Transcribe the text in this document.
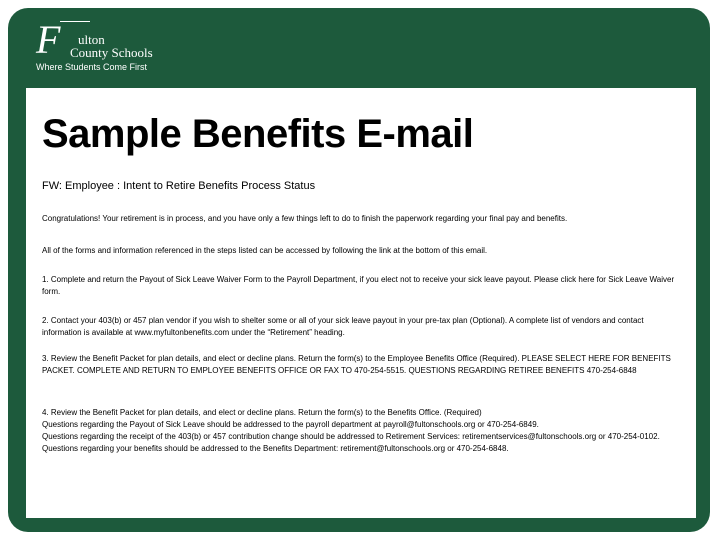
F ulton
County Schools
Where Students Come First
Sample Benefits E-mail
FW: Employee : Intent to Retire Benefits Process Status
Congratulations! Your retirement is in process, and you have only a few things left to do to finish the paperwork regarding your final pay and benefits.
All of the forms and information referenced in the steps listed can be accessed by following the link at the bottom of this email.
1. Complete and return the Payout of Sick Leave Waiver Form to the Payroll Department, if you elect not to receive your sick leave payout. Please click here for Sick Leave Waiver form.
2. Contact your 403(b) or 457 plan vendor if you wish to shelter some or all of your sick leave payout in your pre-tax plan (Optional). A complete list of vendors and contact information is available at www.myfultonbenefits.com under the “Retirement” heading.
3. Review the Benefit Packet for plan details, and elect or decline plans. Return the form(s) to the Employee Benefits Office (Required). PLEASE SELECT HERE FOR BENEFITS PACKET. COMPLETE AND RETURN TO EMPLOYEE BENEFITS OFFICE OR FAX TO 470-254-5515. QUESTIONS REGARDING RETIREE BENEFITS 470-254-6848
4. Review the Benefit Packet for plan details, and elect or decline plans. Return the form(s) to the Benefits Office. (Required)
Questions regarding the Payout of Sick Leave should be addressed to the payroll department at payroll@fultonschools.org or 470-254-6849.
Questions regarding the receipt of the 403(b) or 457 contribution change should be addressed to Retirement Services: retirementservices@fultonschools.org or 470-254-0102.
Questions regarding your benefits should be addressed to the Benefits Department: retirement@fultonschools.org or 470-254-6848.
